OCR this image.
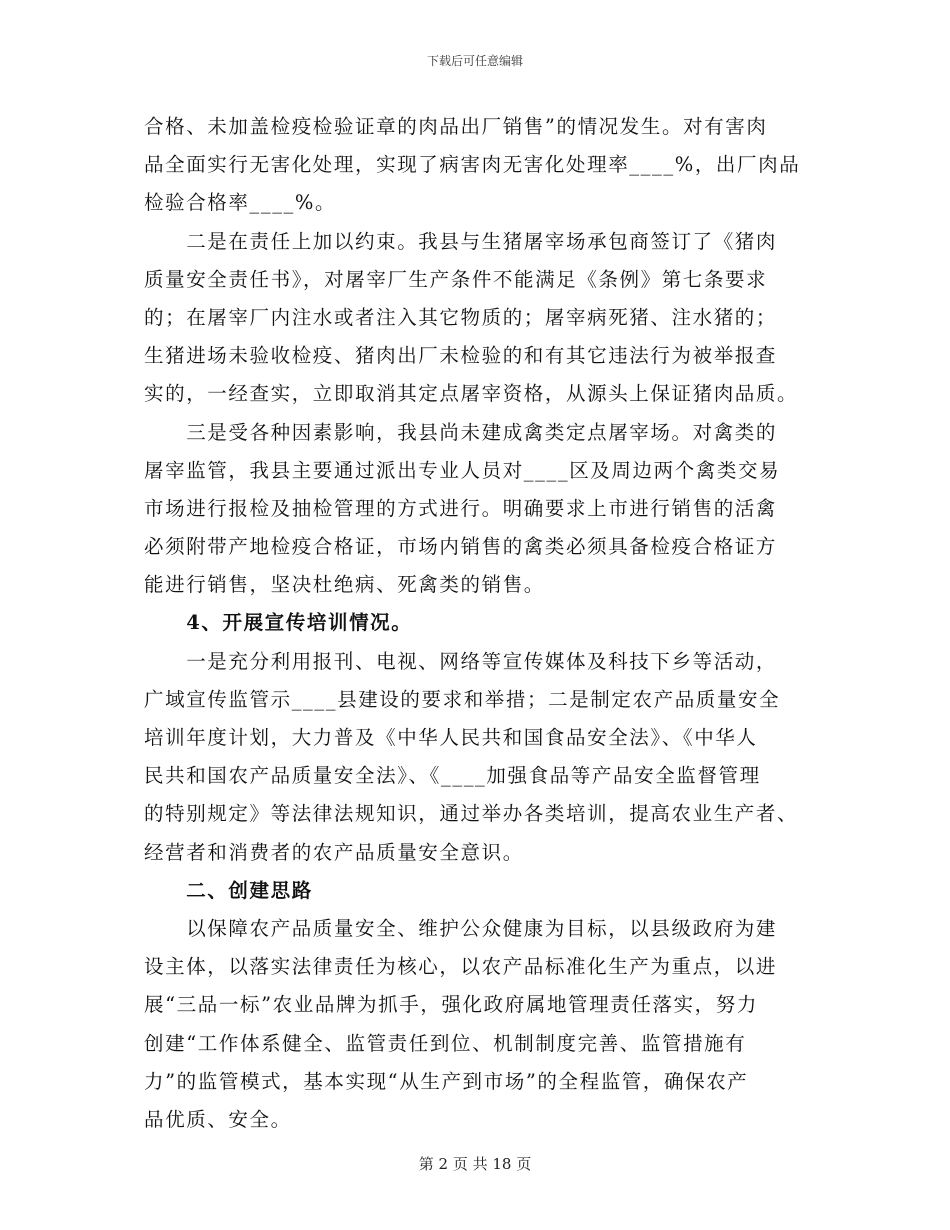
下载后可任意编辑
合格、未加盖检疫检验证章的肉品出厂销售”的情况发生。对有害肉
品全面实行无害化处理，实现了病害肉无害化处理率____%，出厂肉品
检验合格率____%。
　　二是在责任上加以约束。我县与生猪屠宰场承包商签订了《猪肉
质量安全责任书》，对屠宰厂生产条件不能满足《条例》第七条要求
的；在屠宰厂内注水或者注入其它物质的；屠宰病死猪、注水猪的；
生猪进场未验收检疫、猪肉出厂未检验的和有其它违法行为被举报查
实的，一经查实，立即取消其定点屠宰资格，从源头上保证猪肉品质。
　　三是受各种因素影响，我县尚未建成禽类定点屠宰场。对禽类的
屠宰监管，我县主要通过派出专业人员对____区及周边两个禽类交易
市场进行报检及抽检管理的方式进行。明确要求上市进行销售的活禽
必须附带产地检疫合格证，市场内销售的禽类必须具备检疫合格证方
能进行销售，坚决杜绝病、死禽类的销售。
　　4、开展宣传培训情况。
　　一是充分利用报刊、电视、网络等宣传媒体及科技下乡等活动，
广域宣传监管示____县建设的要求和举措；二是制定农产品质量安全
培训年度计划，大力普及《中华人民共和国食品安全法》、《中华人
民共和国农产品质量安全法》、《____加强食品等产品安全监督管理
的特别规定》等法律法规知识，通过举办各类培训，提高农业生产者、
经营者和消费者的农产品质量安全意识。
　　二、创建思路
　　以保障农产品质量安全、维护公众健康为目标，以县级政府为建
设主体，以落实法律责任为核心，以农产品标准化生产为重点，以进
展“三品一标”农业品牌为抓手，强化政府属地管理责任落实，努力
创建“工作体系健全、监管责任到位、机制制度完善、监管措施有
力”的监管模式，基本实现“从生产到市场”的全程监管，确保农产
品优质、安全。
第 2 页 共 18 页
